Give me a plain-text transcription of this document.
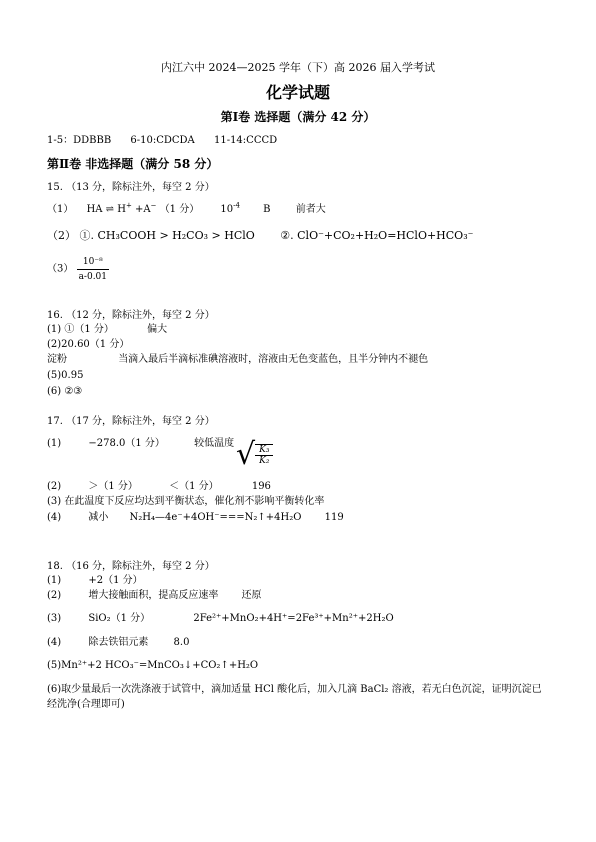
内江六中 2024—2025 学年（下）高 2026 届入学考试
化学试题
第Ⅰ卷 选择题（满分 42 分）
1-5：DDBBB 6-10:CDCDA 11-14:CCCD
第Ⅱ卷 非选择题（满分 58 分）
15. （13 分，除标注外，每空 2 分）
（1） HA ⇌ H+ +A− （1 分） $10^{-4}$ B	前者大
（2） ①. CH₃COOH > H₂CO₃ > HClO ②. ClO⁻+CO₂+H₂O=HClO+HCO₃⁻
$(3) \frac{\text{10⁻⁸}}{a-0.01}$
16. （12 分，除标注外，每空 2 分）
(1) ①（1 分）	偏大
(2)20.60（1 分）
淀粉	当滴入最后半滴标准碘溶液时，溶液由无色变蓝色，且半分钟内不褪色
(5)0.95
(6) ②③
17. （17 分，除标注外，每空 2 分）
(1)	−278.0（1 分）	较低温度 √ $\frac{\text{K₃}}{\text{K₂}}$
(2)	＞（1 分）	＜（1 分）	196
(3) 在此温度下反应均达到平衡状态，催化剂不影响平衡转化率
(4)	减小 N₂H₄—4e⁻+4OH⁻===N₂↑+4H₂O 119
18. （16 分，除标注外，每空 2 分）
(1)	+2（1 分）
(2)	增大接触面积，提高反应速率 还原
(3)	SiO₂（1 分）	2Fe²⁺+MnO₂+4H⁺=2Fe³⁺+Mn²⁺+2H₂O
(4)	除去铁铝元素	8.0
(5)Mn²⁺+2 HCO₃⁻=MnCO₃↓+CO₂↑+H₂O
(6)取少量最后一次洗涤液于试管中，滴加适量 HCl 酸化后，加入几滴 BaCl₂ 溶液，若无白色沉淀，证明沉淀已
经洗净(合理即可)
